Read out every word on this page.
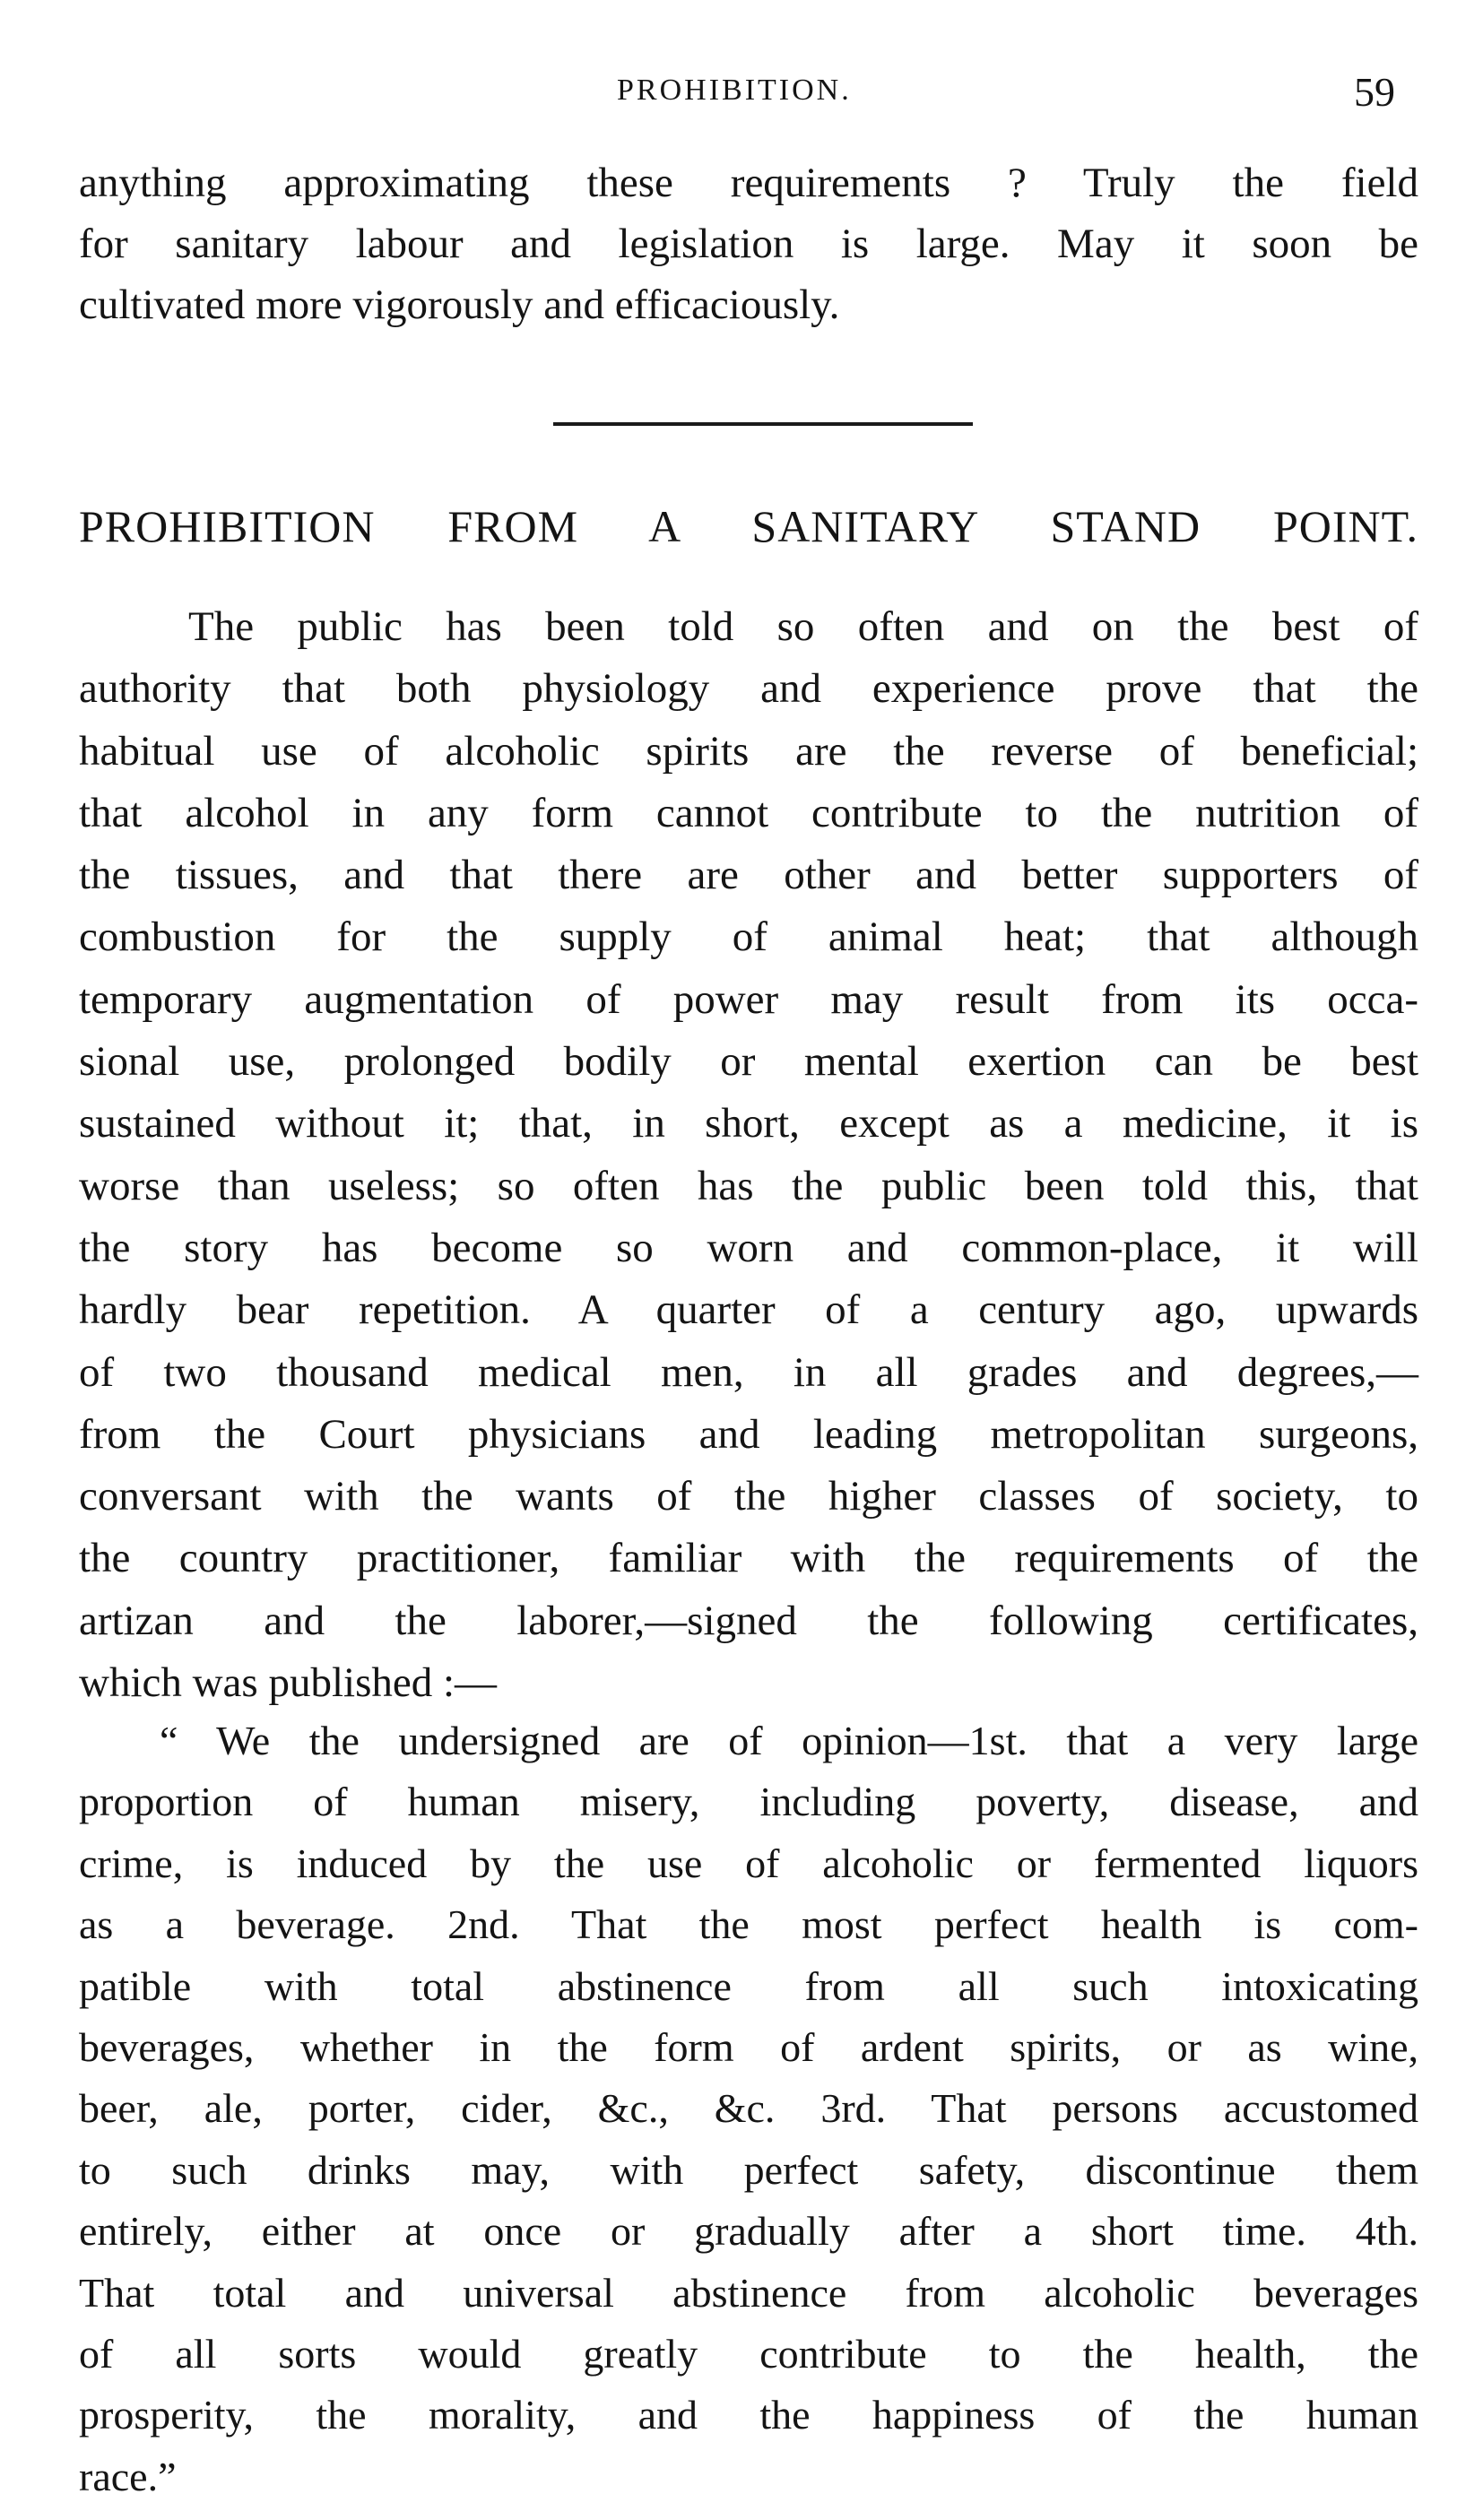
PROHIBITION.	59
anything approximating these requirements ? Truly the field
for sanitary labour and legislation is large. May it soon be
cultivated more vigorously and efficaciously.
PROHIBITION FROM A SANITARY STAND POINT.
The public has been told so often and on the best of
authority that both physiology and experience prove that the
habitual use of alcoholic spirits are the reverse of beneficial;
that alcohol in any form cannot contribute to the nutrition of
the tissues, and that there are other and better supporters of
combustion for the supply of animal heat; that although
temporary augmentation of power may result from its occa-
sional use, prolonged bodily or mental exertion can be best
sustained without it; that, in short, except as a medicine, it is
worse than useless; so often has the public been told this, that
the story has become so worn and common-place, it will
hardly bear repetition. A quarter of a century ago, upwards
of two thousand medical men, in all grades and degrees,—
from the Court physicians and leading metropolitan surgeons,
conversant with the wants of the higher classes of society, to
the country practitioner, familiar with the requirements of the
artizan and the laborer,—signed the following certificates,
which was published :—
“ We the undersigned are of opinion—1st. that a very large
proportion of human misery, including poverty, disease, and
crime, is induced by the use of alcoholic or fermented liquors
as a beverage. 2nd. That the most perfect health is com-
patible with total abstinence from all such intoxicating
beverages, whether in the form of ardent spirits, or as wine,
beer, ale, porter, cider, &c., &c. 3rd. That persons accustomed
to such drinks may, with perfect safety, discontinue them
entirely, either at once or gradually after a short time. 4th.
That total and universal abstinence from alcoholic beverages
of all sorts would greatly contribute to the health, the
prosperity, the morality, and the happiness of the human
race.”
